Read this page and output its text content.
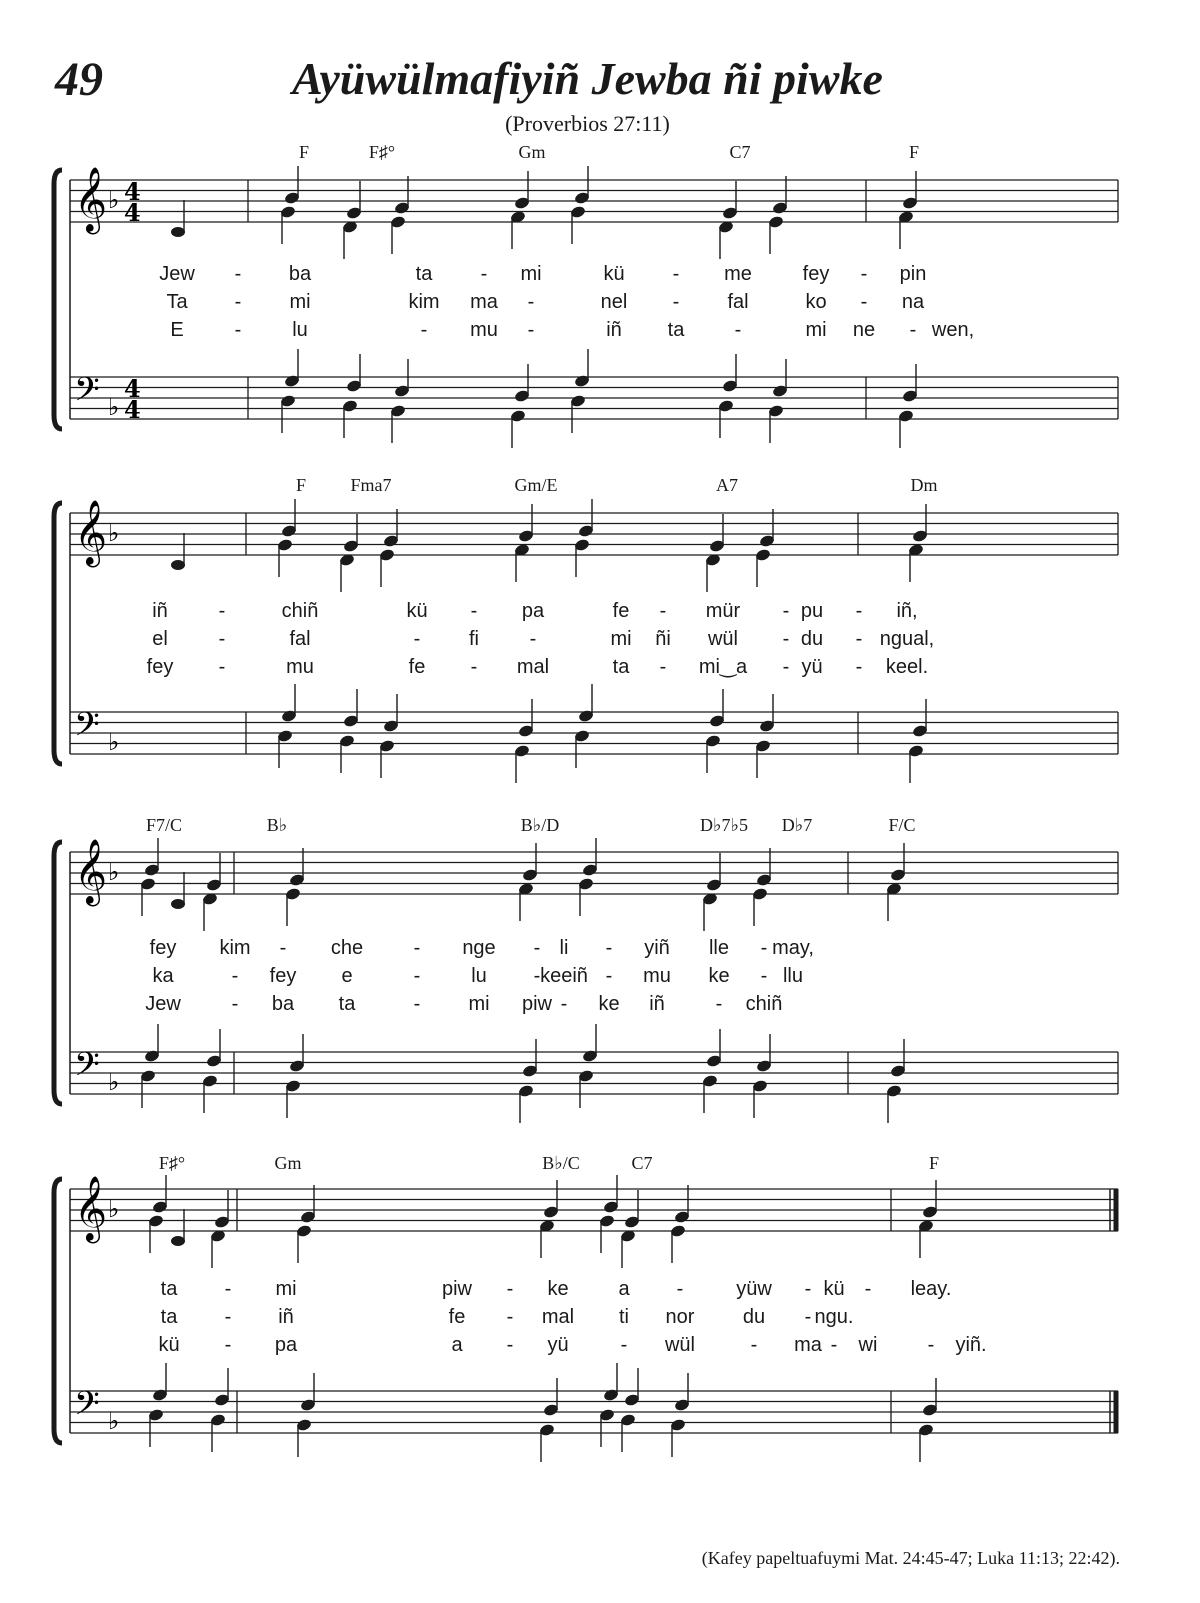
49	Ayüwülmafiyiñ Jewba ñi piwke
(Proverbios 27:11)
𝄞
𝄢
♭
♭
4
4
4
4
F	F♯°	Gm	C7	F
Jew - ba	ta - mi	kü - me	fey - pin
Ta - mi	kim ma -	nel - fal	ko - na
E	-	lu	- mu -	iñ ta	-	mi ne - wen,
𝄞
𝄢
♭
♭
F Fma7	Gm/E	A7	Dm
iñ	-	chiñ	kü - pa	fe - mür - pu - iñ,
el	-	fal	- fi	-	mi ñi wül - du - ngual,
fey -	mu	fe - mal	ta - mi‿a - yü - keel.
𝄞
𝄢
♭
♭
F7/C	B♭	B♭/D	D♭7♭5 D♭7	F/C
fey kim - che	- nge - li - yiñ lle - may,
ka	- fey e	-	lu - keeiñ - mu ke - llu
Jew	- ba ta	- mi piw - ke iñ	- chiñ
𝄞
𝄢
♭
♭
F♯°	Gm	B♭/C	C7	F
ta - mi	piw - ke a -	yüw - kü - leay.
ta - iñ	fe - mal ti nor du - ngu.
kü - pa	a - yü	- wül	- ma - wi	- yiñ.
(Kafey papeltuafuymi Mat. 24:45-47; Luka 11:13; 22:42).
